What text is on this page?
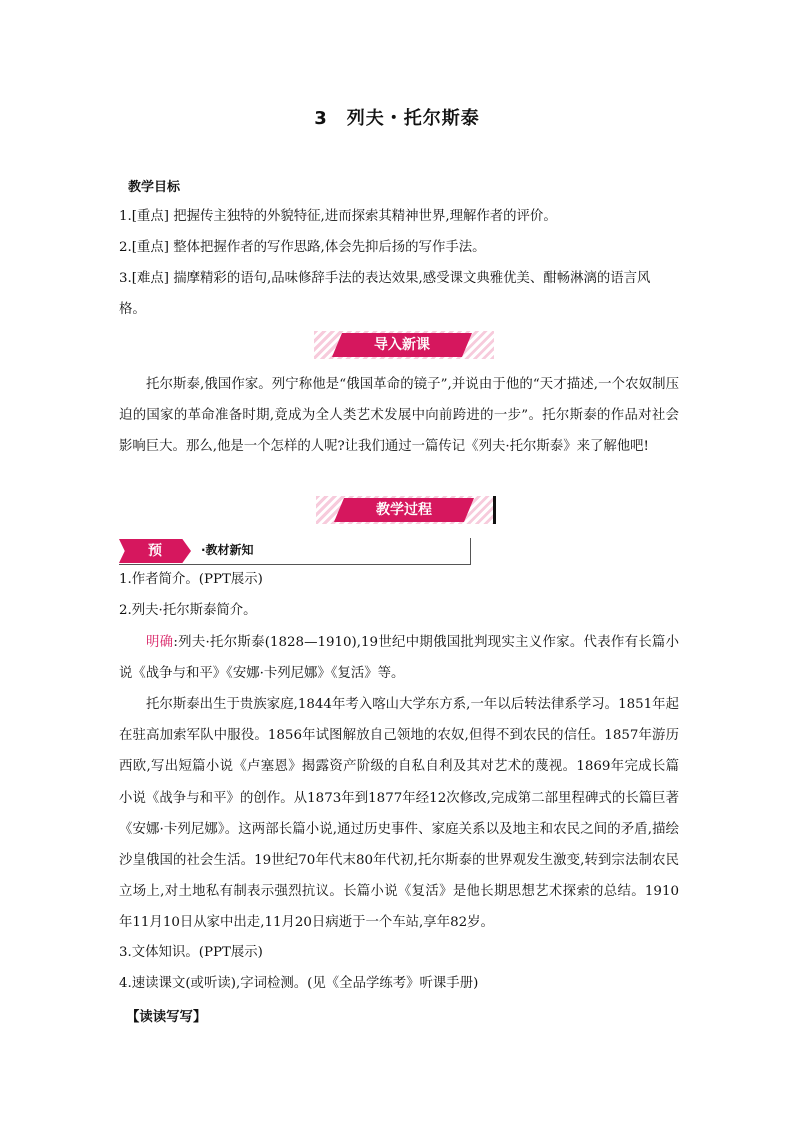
3　列夫・托尔斯泰
教学目标
1.[重点] 把握传主独特的外貌特征,进而探索其精神世界,理解作者的评价。
2.[重点] 整体把握作者的写作思路,体会先抑后扬的写作手法。
3.[难点] 揣摩精彩的语句,品味修辞手法的表达效果,感受课文典雅优美、酣畅淋漓的语言风
格。
导入新课
托尔斯泰,俄国作家。列宁称他是“俄国革命的镜子”,并说由于他的“天才描述,一个农奴制压迫的国家的革命准备时期,竟成为全人类艺术发展中向前跨进的一步”。托尔斯泰的作品对社会影响巨大。那么,他是一个怎样的人呢?让我们通过一篇传记《列夫·托尔斯泰》来了解他吧!
教学过程
预	·教材新知
1.作者简介。(PPT展示)
2.列夫·托尔斯泰简介。
明确:列夫·托尔斯泰(1828—1910),19世纪中期俄国批判现实主义作家。代表作有长篇小说《战争与和平》《安娜·卡列尼娜》《复活》等。
托尔斯泰出生于贵族家庭,1844年考入喀山大学东方系,一年以后转法律系学习。1851年起在驻高加索军队中服役。1856年试图解放自己领地的农奴,但得不到农民的信任。1857年游历西欧,写出短篇小说《卢塞恩》揭露资产阶级的自私自利及其对艺术的蔑视。1869年完成长篇小说《战争与和平》的创作。从1873年到1877年经12次修改,完成第二部里程碑式的长篇巨著《安娜·卡列尼娜》。这两部长篇小说,通过历史事件、家庭关系以及地主和农民之间的矛盾,描绘沙皇俄国的社会生活。19世纪70年代末80年代初,托尔斯泰的世界观发生激变,转到宗法制农民立场上,对土地私有制表示强烈抗议。长篇小说《复活》是他长期思想艺术探索的总结。1910年11月10日从家中出走,11月20日病逝于一个车站,享年82岁。
3.文体知识。(PPT展示)
4.速读课文(或听读),字词检测。(见《全品学练考》听课手册)
【读读写写】
